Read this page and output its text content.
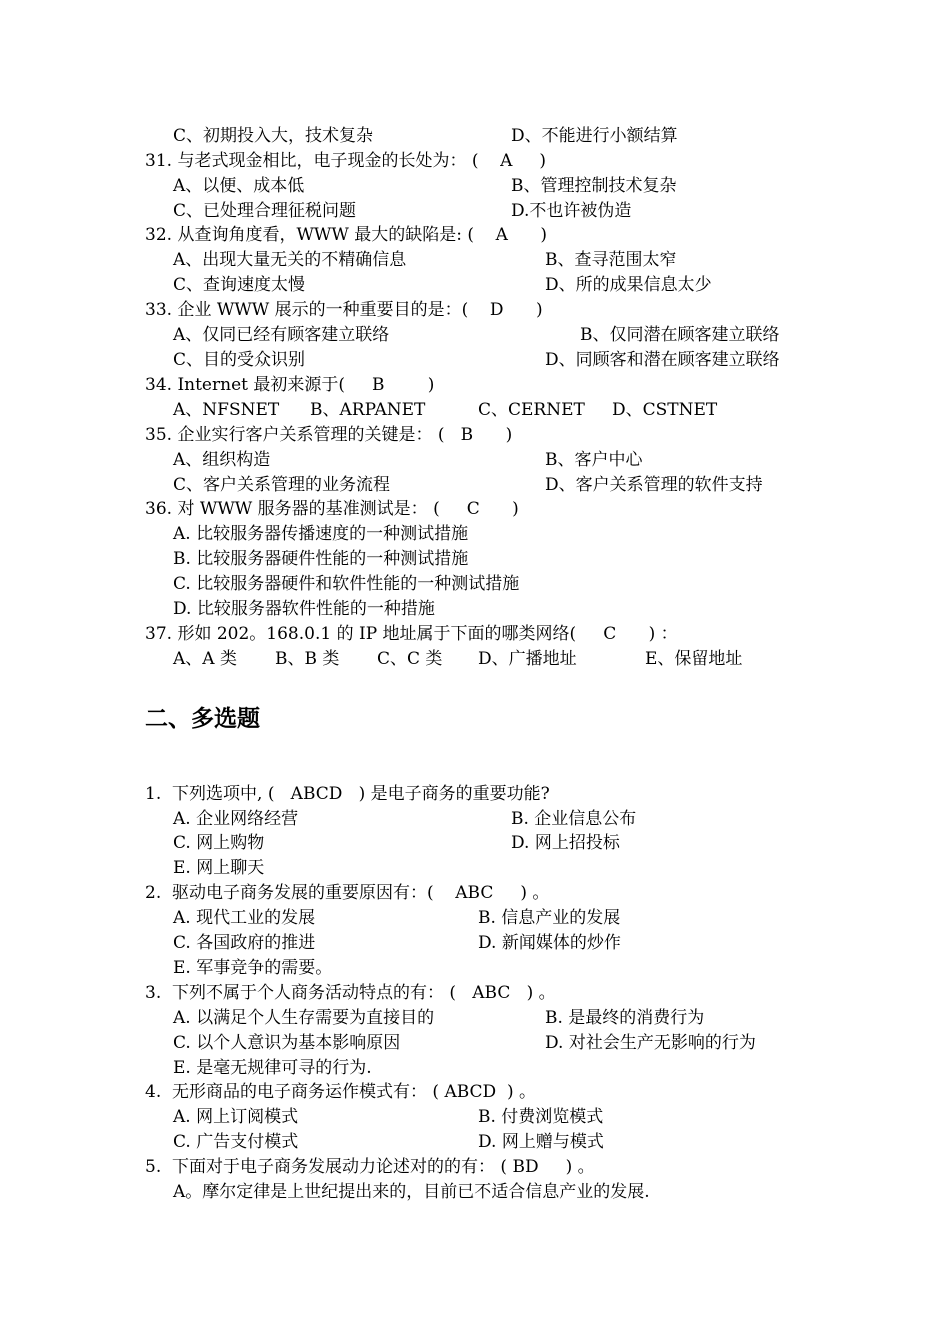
C、初期投入大，技术复杂	D、不能进行小额结算
31. 与老式现金相比，电子现金的长处为： (    A     )
A、以便、成本低	B、管理控制技术复杂
C、已处理合理征税问题	D.不也许被伪造
32. 从查询角度看，WWW 最大的缺陷是: (    A      )
A、出现大量无关的不精确信息	B、查寻范围太窄
C、查询速度太慢	D、所的成果信息太少
33. 企业 WWW 展示的一种重要目的是：(    D      )
A、仅同已经有顾客建立联络	B、仅同潜在顾客建立联络
C、目的受众识别	D、同顾客和潜在顾客建立联络
34. Internet 最初来源于(     B        )
A、NFSNET B、ARPANET	C、CERNET D、CSTNET
35. 企业实行客户关系管理的关键是： (   B      )
A、组织构造	B、客户中心
C、客户关系管理的业务流程	D、客户关系管理的软件支持
36. 对 WWW 服务器的基准测试是： (     C      )
A. 比较服务器传播速度的一种测试措施
B. 比较服务器硬件性能的一种测试措施
C. 比较服务器硬件和软件性能的一种测试措施
D. 比较服务器软件性能的一种措施
37. 形如 202。168.0.1 的 IP 地址属于下面的哪类网络(     C      ) ：
A、A 类 B、B 类 C、C 类 D、广播地址	E、保留地址
1.  下列选项中, (   ABCD   ) 是电子商务的重要功能?
A. 企业网络经营	B. 企业信息公布
C. 网上购物	D. 网上招投标
E. 网上聊天
2.  驱动电子商务发展的重要原因有：(    ABC     ) 。
A. 现代工业的发展	B. 信息产业的发展
C. 各国政府的推进	D. 新闻媒体的炒作
E. 军事竞争的需要。
3.  下列不属于个人商务活动特点的有： (   ABC   ) 。
A. 以满足个人生存需要为直接目的	B. 是最终的消费行为
C. 以个人意识为基本影响原因	D. 对社会生产无影响的行为
E. 是毫无规律可寻的行为.
4.  无形商品的电子商务运作模式有： ( ABCD  ) 。
A. 网上订阅模式	B. 付费浏览模式
C. 广告支付模式	D. 网上赠与模式
5.  下面对于电子商务发展动力论述对的的有： ( BD     ) 。
A。摩尔定律是上世纪提出来的，目前已不适合信息产业的发展.
二、多选题
